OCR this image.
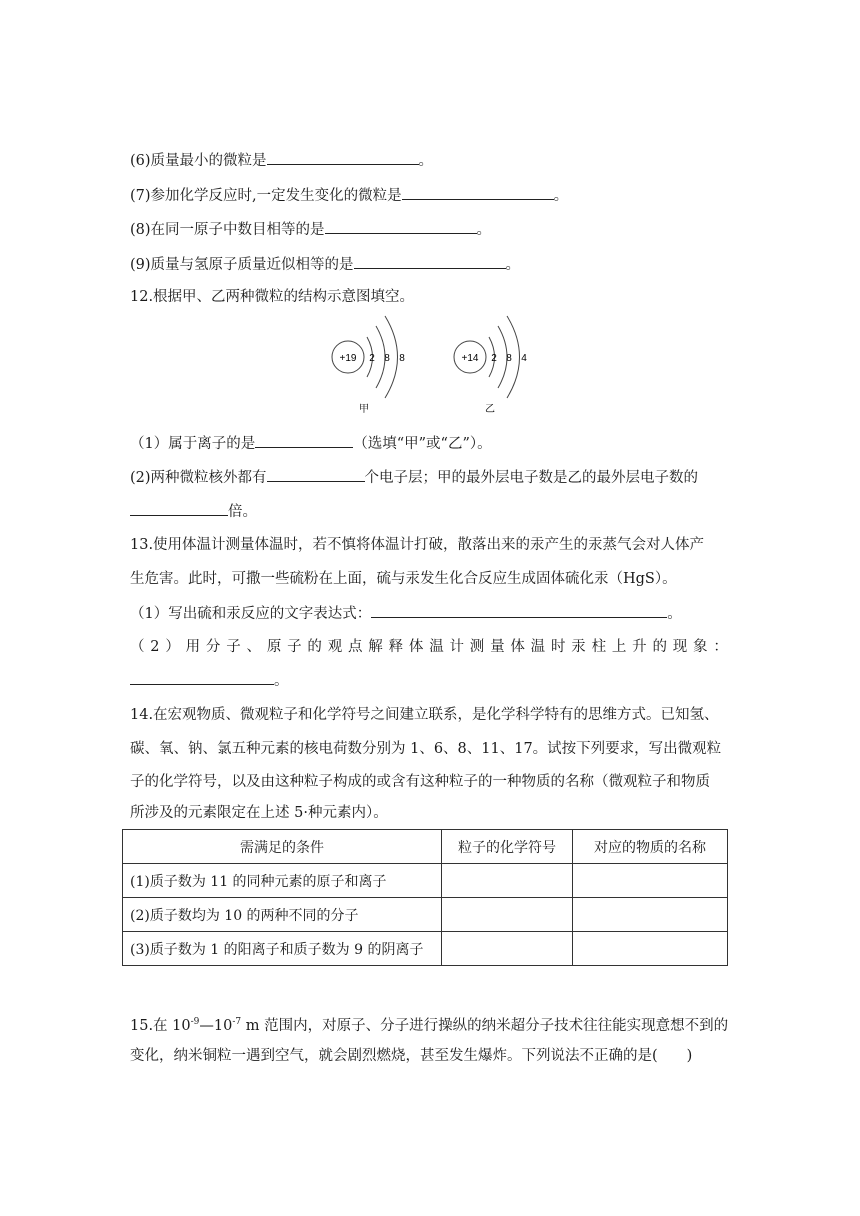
(6)质量最小的微粒是	。
(7)参加化学反应时,一定发生变化的微粒是	。
(8)在同一原子中数目相等的是	。
(9)质量与氢原子质量近似相等的是	。
12.根据甲、乙两种微粒的结构示意图填空。
+19 2 8 8
甲
+14 2 8 4
乙
（1）属于离子的是	（选填“甲”或“乙”）。
(2)两种微粒核外都有	个电子层；甲的最外层电子数是乙的最外层电子数的
倍。
13.使用体温计测量体温时，若不慎将体温计打破，散落出来的汞产生的汞蒸气会对人体产
生危害。此时，可撒一些硫粉在上面，硫与汞发生化合反应生成固体硫化汞（HgS）。
（1）写出硫和汞反应的文字表达式：	。
（ 2 ） 用 分 子 、 原 子 的 观 点 解 释 体 温 计 测 量 体 温 时 汞 柱 上 升 的 现 象 ：
。
14.在宏观物质、微观粒子和化学符号之间建立联系，是化学科学特有的思维方式。已知氢、
碳、氧、钠、氯五种元素的核电荷数分别为 1、6、8、11、17。试按下列要求，写出微观粒
子的化学符号，以及由这种粒子构成的或含有这种粒子的一种物质的名称（微观粒子和物质
所涉及的元素限定在上述 5·种元素内）。
需满足的条件	粒子的化学符号	对应的物质的名称
(1)质子数为 11 的同种元素的原子和离子		
(2)质子数均为 10 的两种不同的分子		
(3)质子数为 1 的阳离子和质子数为 9 的阴离子		
15.在 $10^{-9}—10^{-7}$ m 范围内，对原子、分子进行操纵的纳米超分子技术往往能实现意想不到的
变化，纳米铜粒一遇到空气，就会剧烈燃烧，甚至发生爆炸。下列说法不正确的是(　　)
